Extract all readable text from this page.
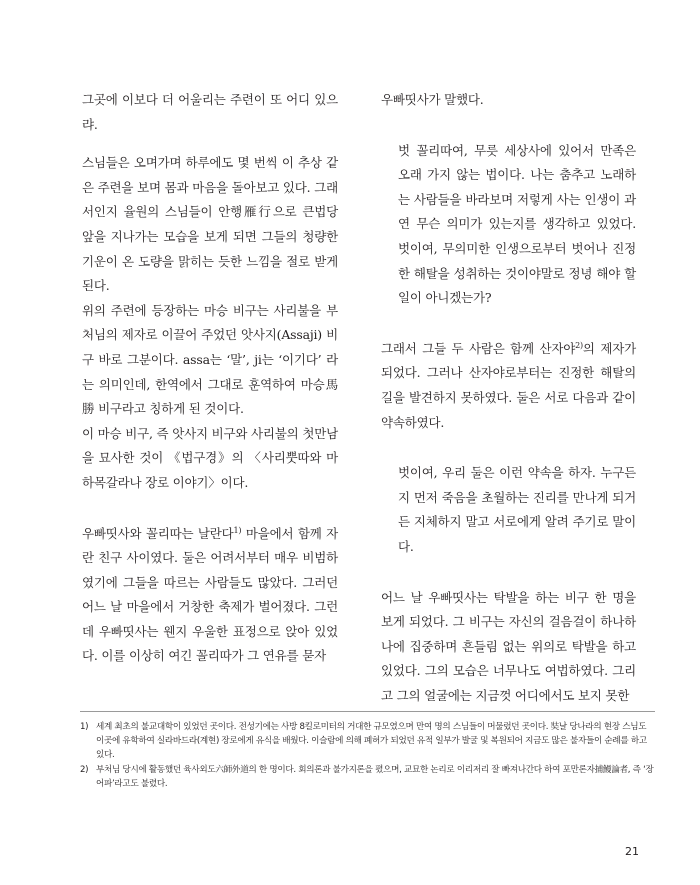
그곳에 이보다 더 어울리는 주련이 또 어디 있으랴.

스님들은 오며가며 하루에도 몇 번씩 이 추상 같은 주련을 보며 몸과 마음을 돌아보고 있다. 그래서인지 율원의 스님들이 안행雁行으로 큰법당 앞을 지나가는 모습을 보게 되면 그들의 청량한 기운이 온 도량을 맑히는 듯한 느낌을 절로 받게 된다.

위의 주련에 등장하는 마승 비구는 사리불을 부처님의 제자로 이끌어 주었던 앗사지(Assaji) 비구 바로 그분이다. assa는 ‘말’, ji는 ‘이기다’ 라는 의미인데, 한역에서 그대로 훈역하여 마승馬勝 비구라고 칭하게 된 것이다.

이 마승 비구, 즉 앗사지 비구와 사리불의 첫만남을 묘사한 것이 《법구경》의 〈사리뿟따와 마하목갈라나 장로 이야기〉이다.

우빠띳사와 꼴리따는 날란다$^{1)}$ 마을에서 함께 자란 친구 사이였다. 둘은 어려서부터 매우 비범하였기에 그들을 따르는 사람들도 많았다. 그러던 어느 날 마을에서 거창한 축제가 벌어졌다. 그런데 우빠띳사는 웬지 우울한 표정으로 앉아 있었다. 이를 이상히 여긴 꼴리따가 그 연유를 묻자

우빠띳사가 말했다.

벗 꼴리따여, 무릇 세상사에 있어서 만족은 오래 가지 않는 법이다. 나는 춤추고 노래하는 사람들을 바라보며 저렇게 사는 인생이 과연 무슨 의미가 있는지를 생각하고 있었다. 벗이여, 무의미한 인생으로부터 벗어나 진정한 해탈을 성취하는 것이야말로 정녕 해야 할 일이 아니겠는가?

그래서 그들 두 사람은 함께 산자야$^{2)}$의 제자가 되었다. 그러나 산자야로부터는 진정한 해탈의 길을 발견하지 못하였다. 둘은 서로 다음과 같이 약속하였다.

벗이여, 우리 둘은 이런 약속을 하자. 누구든지 먼저 죽음을 초월하는 진리를 만나게 되거든 지체하지 말고 서로에게 알려 주기로 말이다.

어느 날 우빠띳사는 탁발을 하는 비구 한 명을 보게 되었다. 그 비구는 자신의 걸음걸이 하나하나에 집중하며 흔들림 없는 위의로 탁발을 하고 있었다. 그의 모습은 너무나도 여법하였다. 그리고 그의 얼굴에는 지금껏 어디에서도 보지 못한

1) 세계 최초의 불교대학이 있었던 곳이다. 전성기에는 사방 8킬로미터의 거대한 규모였으며 만여 명의 스님들이 머물렀던 곳이다. 奘날 당나라의 현장 스님도 이곳에 유학하여 실라바드라(계현) 장로에게 유식을 배웠다. 이슬람에 의해 폐허가 되었던 유적 일부가 발굴 및 복원되어 지금도 많은 불자들이 순례를 하고 있다.
2) 부처님 당시에 활동했던 육사외도六師外道의 한 명이다. 회의론과 불가지론을 폈으며, 교묘한 논리로 이리저리 잘 빠져나간다 하여 포만론자捕鰻論者, 즉 ‘장어파’라고도 불렸다.
21
